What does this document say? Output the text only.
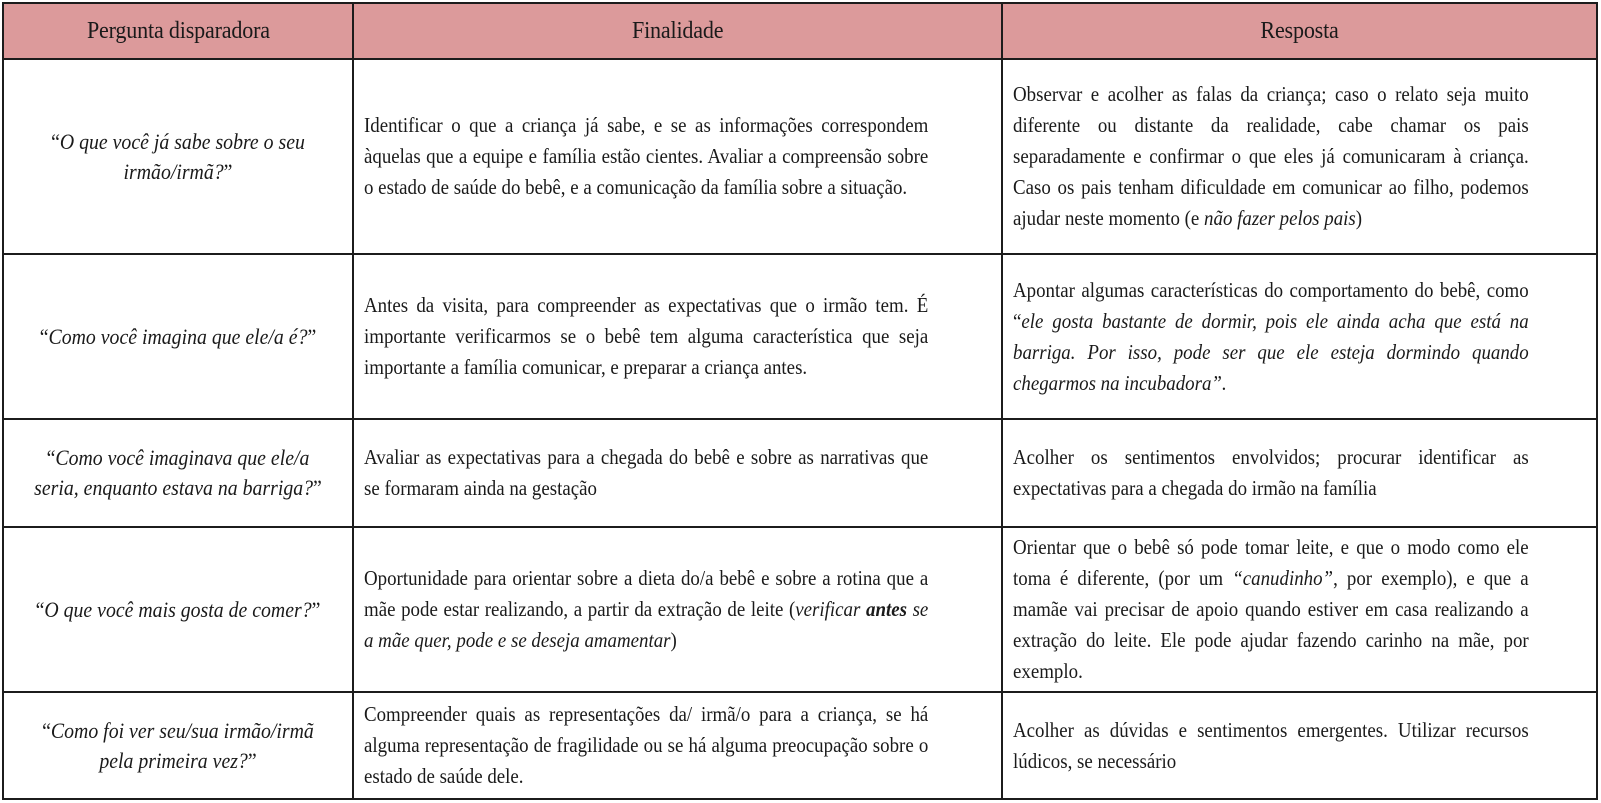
Pergunta disparadora	Finalidade	Resposta
“O que você já sabe sobre o seu irmão/irmã?”
Identificar o que a criança já sabe, e se as informações correspondem àquelas que a equipe e família estão cientes. Avaliar a compreensão sobre o estado de saúde do bebê, e a comunicação da família sobre a situação.
Observar e acolher as falas da criança; caso o relato seja muito diferente ou distante da realidade, cabe chamar os pais separadamente e confirmar o que eles já comunicaram à criança. Caso os pais tenham dificuldade em comunicar ao filho, podemos ajudar neste momento (e não fazer pelos pais)
“Como você imagina que ele/a é?”
Antes da visita, para compreender as expectativas que o irmão tem. É importante verificarmos se o bebê tem alguma característica que seja importante a família comunicar, e preparar a criança antes.
Apontar algumas características do comportamento do bebê, como “ele gosta bastante de dormir, pois ele ainda acha que está na barriga. Por isso, pode ser que ele esteja dormindo quando chegarmos na incubadora”.
“Como você imaginava que ele/a seria, enquanto estava na barriga?”
Avaliar as expectativas para a chegada do bebê e sobre as narrativas que se formaram ainda na gestação
Acolher os sentimentos envolvidos; procurar identificar as expectativas para a chegada do irmão na família
“O que você mais gosta de comer?”
Oportunidade para orientar sobre a dieta do/a bebê e sobre a rotina que a mãe pode estar realizando, a partir da extração de leite (verificar antes se a mãe quer, pode e se deseja amamentar)
Orientar que o bebê só pode tomar leite, e que o modo como ele toma é diferente, (por um “canudinho”, por exemplo), e que a mamãe vai precisar de apoio quando estiver em casa realizando a extração do leite. Ele pode ajudar fazendo carinho na mãe, por exemplo.
“Como foi ver seu/sua irmão/irmã pela primeira vez?”
Compreender quais as representações da/ irmã/o para a criança, se há alguma representação de fragilidade ou se há alguma preocupação sobre o estado de saúde dele.
Acolher as dúvidas e sentimentos emergentes. Utilizar recursos lúdicos, se necessário
